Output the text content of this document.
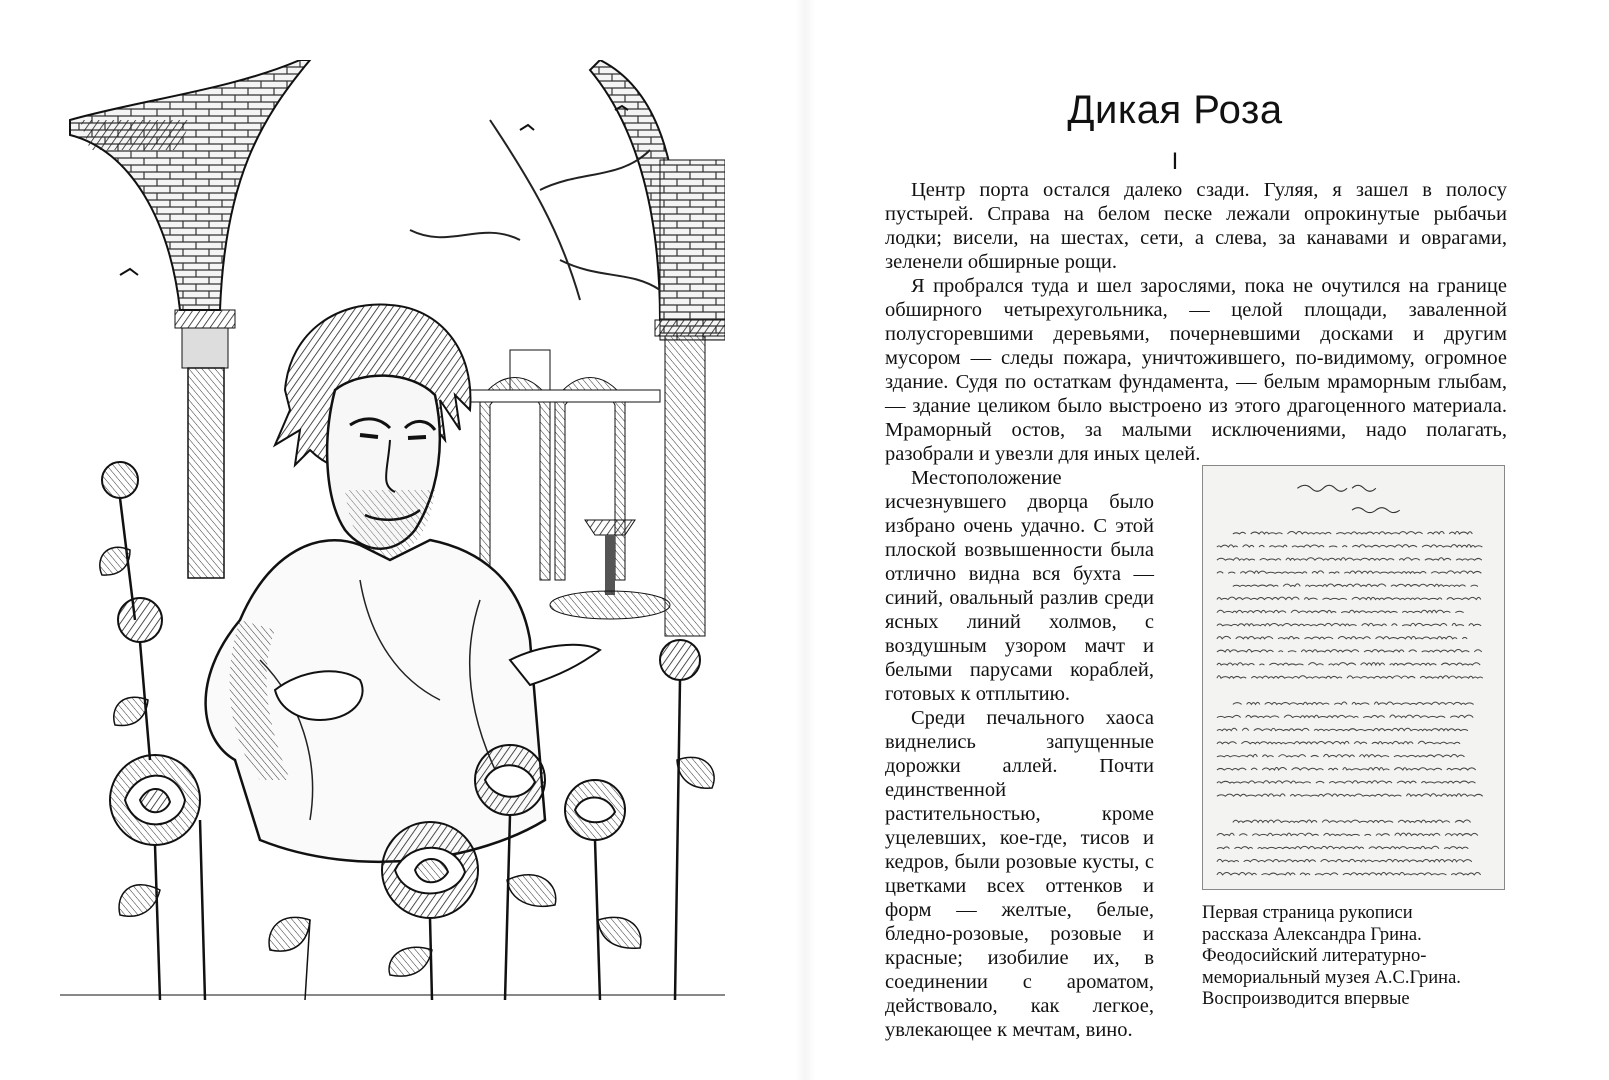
Дикая Роза
I

Центр порта остался далеко сзади. Гуляя, я зашел в полосу пустырей. Справа на белом песке лежали опрокинутые рыбачьи лодки; висели, на шестах, сети, а слева, за канавами и оврагами, зеленели обширные рощи.

Я пробрался туда и шел зарослями, пока не очутился на границе обширного четырехугольника, — целой площади, заваленной полусгоревшими деревьями, почерневшими досками и другим мусором — следы пожара, уничтожившего, по-видимому, огромное здание. Судя по остаткам фундамента, — белым мраморным глыбам, — здание целиком было выстроено из этого драгоценного материала. Мраморный остов, за малыми исключениями, надо полагать, разобрали и увезли для иных целей.

Местоположение исчезнувшего дворца было избрано очень удачно. С этой плоской возвышенности была отлично видна вся бухта — синий, овальный разлив среди ясных линий холмов, с воздушным узором мачт и белыми парусами кораблей, готовых к отплытию.

Среди печального хаоса виднелись запущенные дорожки аллей. Почти единственной растительностью, кроме уцелевших, кое-где, тисов и кедров, были розовые кусты, с цветками всех оттенков и форм — желтые, белые, бледно-розовые, розовые и красные; изобилие их, в соединении с ароматом, действовало, как легкое, увлекающее к мечтам, вино.

Первая страница рукописи
рассказа Александра Грина.
Феодосийский литературно-
мемориальный музея А.С.Грина.
Воспроизводится впервые
